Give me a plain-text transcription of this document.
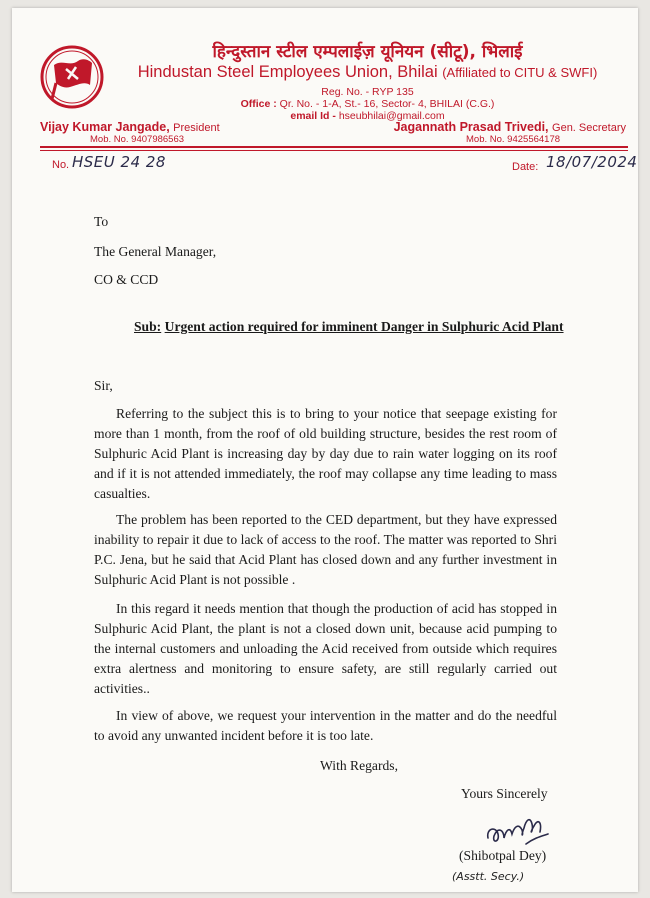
हिन्दुस्तान स्टील एम्पलाईज़ यूनियन (सीटू), भिलाई
Hindustan Steel Employees Union, Bhilai (Affiliated to CITU & SWFI)
Reg. No. - RYP 135
Office : Qr. No. - 1-A, St.- 16, Sector- 4, BHILAI (C.G.)
email Id - hseubhilai@gmail.com
Vijay Kumar Jangade, President
Mob. No. 9407986563
Jagannath Prasad Trivedi, Gen. Secretary
Mob. No. 9425564178
No. HSEU 24 28	Date: 18/07/2024
To
The General Manager,
CO & CCD
Sub: Urgent action required for imminent Danger in Sulphuric Acid Plant
Sir,
Referring to the subject this is to bring to your notice that seepage existing for more than 1 month, from the roof of old building structure, besides the rest room of Sulphuric Acid Plant is increasing day by day due to rain water logging on its roof and if it is not attended immediately, the roof may collapse any time leading to mass casualties.
The problem has been reported to the CED department, but they have expressed inability to repair it due to lack of access to the roof. The matter was reported to Shri P.C. Jena, but he said that Acid Plant has closed down and any further investment in Sulphuric Acid Plant is not possible .
In this regard it needs mention that though the production of acid has stopped in Sulphuric Acid Plant, the plant is not a closed down unit, because acid pumping to the internal customers and unloading the Acid received from outside which requires extra alertness and monitoring to ensure safety, are still regularly carried out activities..
In view of above, we request your intervention in the matter and do the needful to avoid any unwanted incident before it is too late.
With Regards,
Yours Sincerely
(Shibotpal Dey)
(Asstt. Secy.)
